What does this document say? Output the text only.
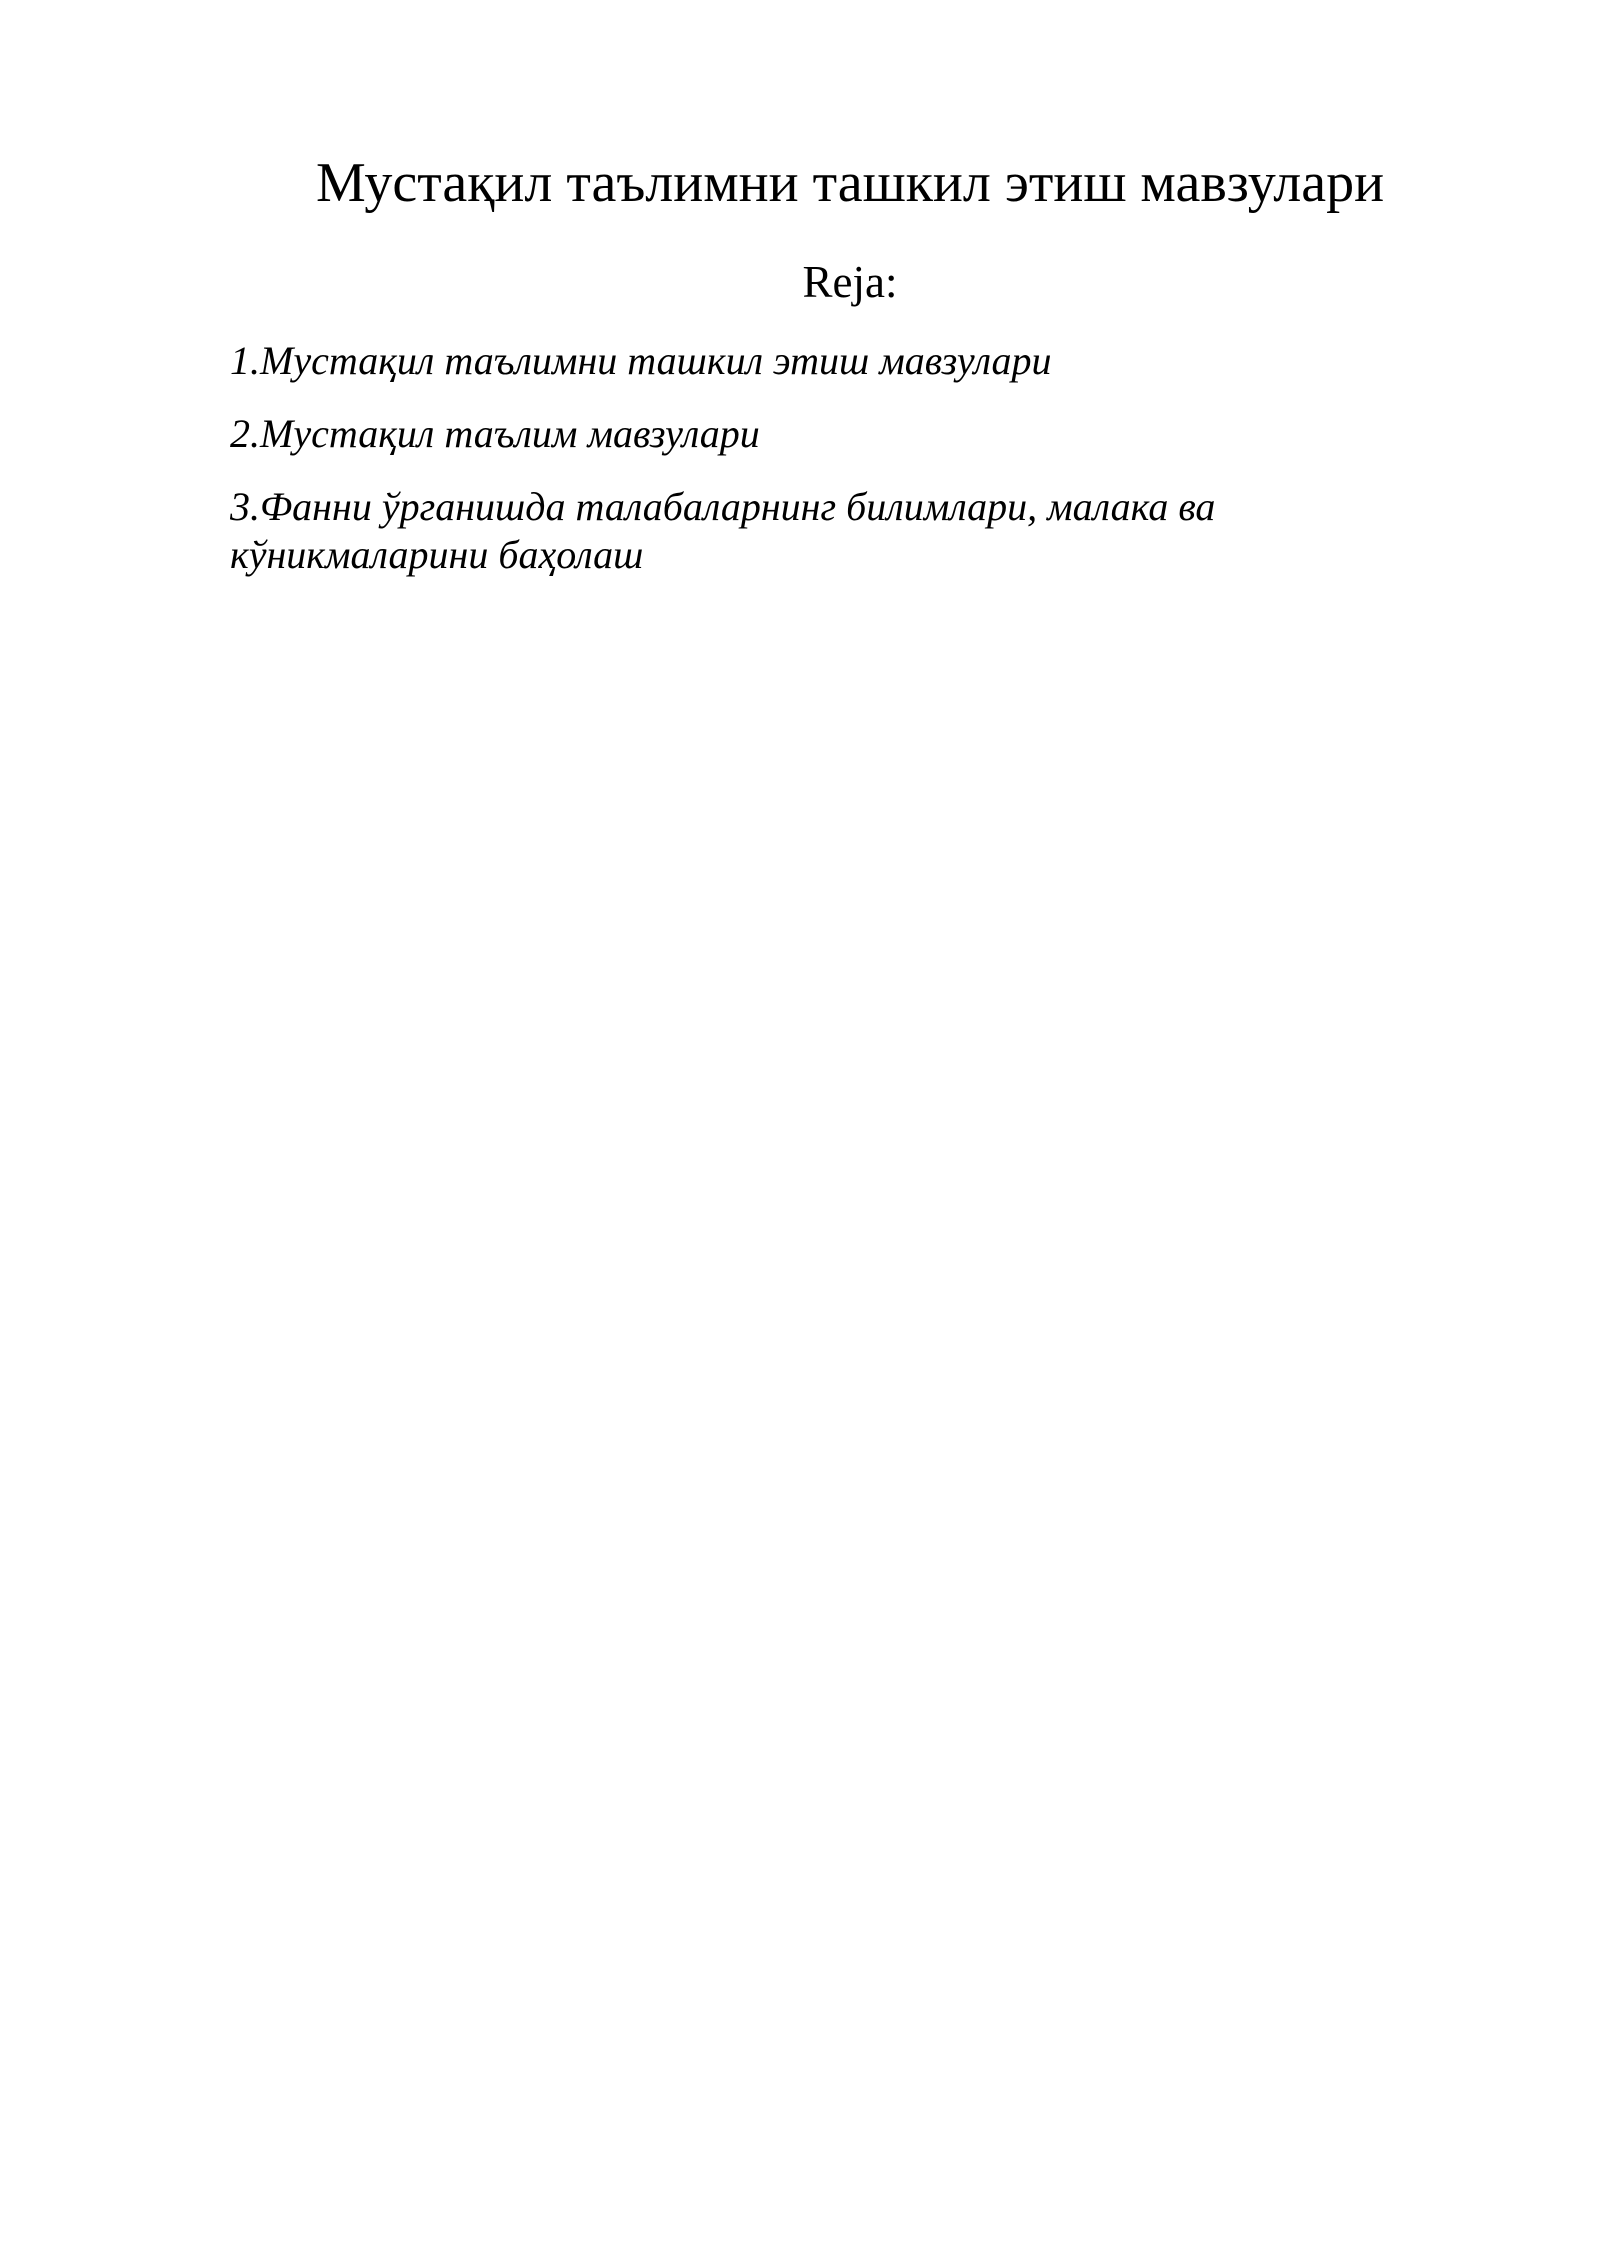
Мустақил таълимни ташкил этиш мавзулари
Reja:
1.Мустақил таълимни ташкил этиш мавзулари
2.Мустақил таълим мавзулари
3.Фанни ўрганишда талабаларнинг билимлари, малака ва кўникмаларини баҳолаш
